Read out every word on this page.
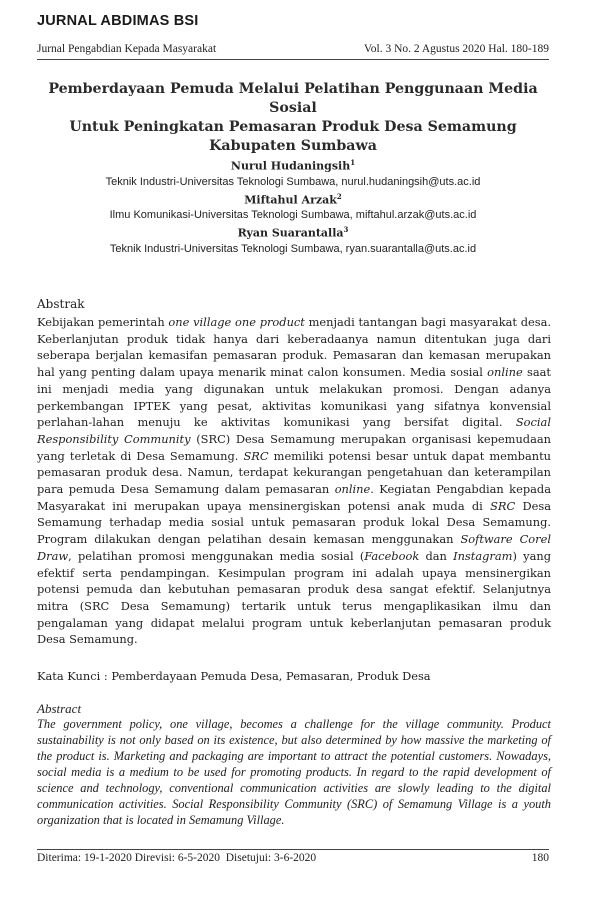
JURNAL ABDIMAS BSI
Jurnal Pengabdian Kepada Masyarakat	Vol. 3 No. 2 Agustus 2020 Hal. 180-189
Pemberdayaan Pemuda Melalui Pelatihan Penggunaan Media Sosial
Untuk Peningkatan Pemasaran Produk Desa Semamung
Kabupaten Sumbawa
Nurul Hudaningsih$^1$
Teknik Industri-Universitas Teknologi Sumbawa, nurul.hudaningsih@uts.ac.id
Miftahul Arzak$^2$
Ilmu Komunikasi-Universitas Teknologi Sumbawa, miftahul.arzak@uts.ac.id
Ryan Suarantalla$^3$
Teknik Industri-Universitas Teknologi Sumbawa, ryan.suarantalla@uts.ac.id
Abstrak
Kebijakan pemerintah one village one product menjadi tantangan bagi masyarakat desa. Keberlanjutan produk tidak hanya dari keberadaanya namun ditentukan juga dari seberapa berjalan kemasifan pemasaran produk. Pemasaran dan kemasan merupakan hal yang penting dalam upaya menarik minat calon konsumen. Media sosial online saat ini menjadi media yang digunakan untuk melakukan promosi. Dengan adanya perkembangan IPTEK yang pesat, aktivitas komunikasi yang sifatnya konvensial perlahan-lahan menuju ke aktivitas komunikasi yang bersifat digital. Social Responsibility Community (SRC) Desa Semamung merupakan organisasi kepemudaan yang terletak di Desa Semamung. SRC memiliki potensi besar untuk dapat membantu pemasaran produk desa. Namun, terdapat kekurangan pengetahuan dan keterampilan para pemuda Desa Semamung dalam pemasaran online. Kegiatan Pengabdian kepada Masyarakat ini merupakan upaya mensinergiskan potensi anak muda di SRC Desa Semamung terhadap media sosial untuk pemasaran produk lokal Desa Semamung. Program dilakukan dengan pelatihan desain kemasan menggunakan Software Corel Draw, pelatihan promosi menggunakan media sosial (Facebook dan Instagram) yang efektif serta pendampingan. Kesimpulan program ini adalah upaya mensinergikan potensi pemuda dan kebutuhan pemasaran produk desa sangat efektif. Selanjutnya mitra (SRC Desa Semamung) tertarik untuk terus mengaplikasikan ilmu dan pengalaman yang didapat melalui program untuk keberlanjutan pemasaran produk Desa Semamung.
Kata Kunci : Pemberdayaan Pemuda Desa, Pemasaran, Produk Desa
Abstract
The government policy, one village, becomes a challenge for the village community. Product sustainability is not only based on its existence, but also determined by how massive the marketing of the product is. Marketing and packaging are important to attract the potential customers. Nowadays, social media is a medium to be used for promoting products. In regard to the rapid development of science and technology, conventional communication activities are slowly leading to the digital communication activities. Social Responsibility Community (SRC) of Semamung Village is a youth organization that is located in Semamung Village.
Diterima: 19-1-2020 Direvisi: 6-5-2020  Disetujui: 3-6-2020	180
